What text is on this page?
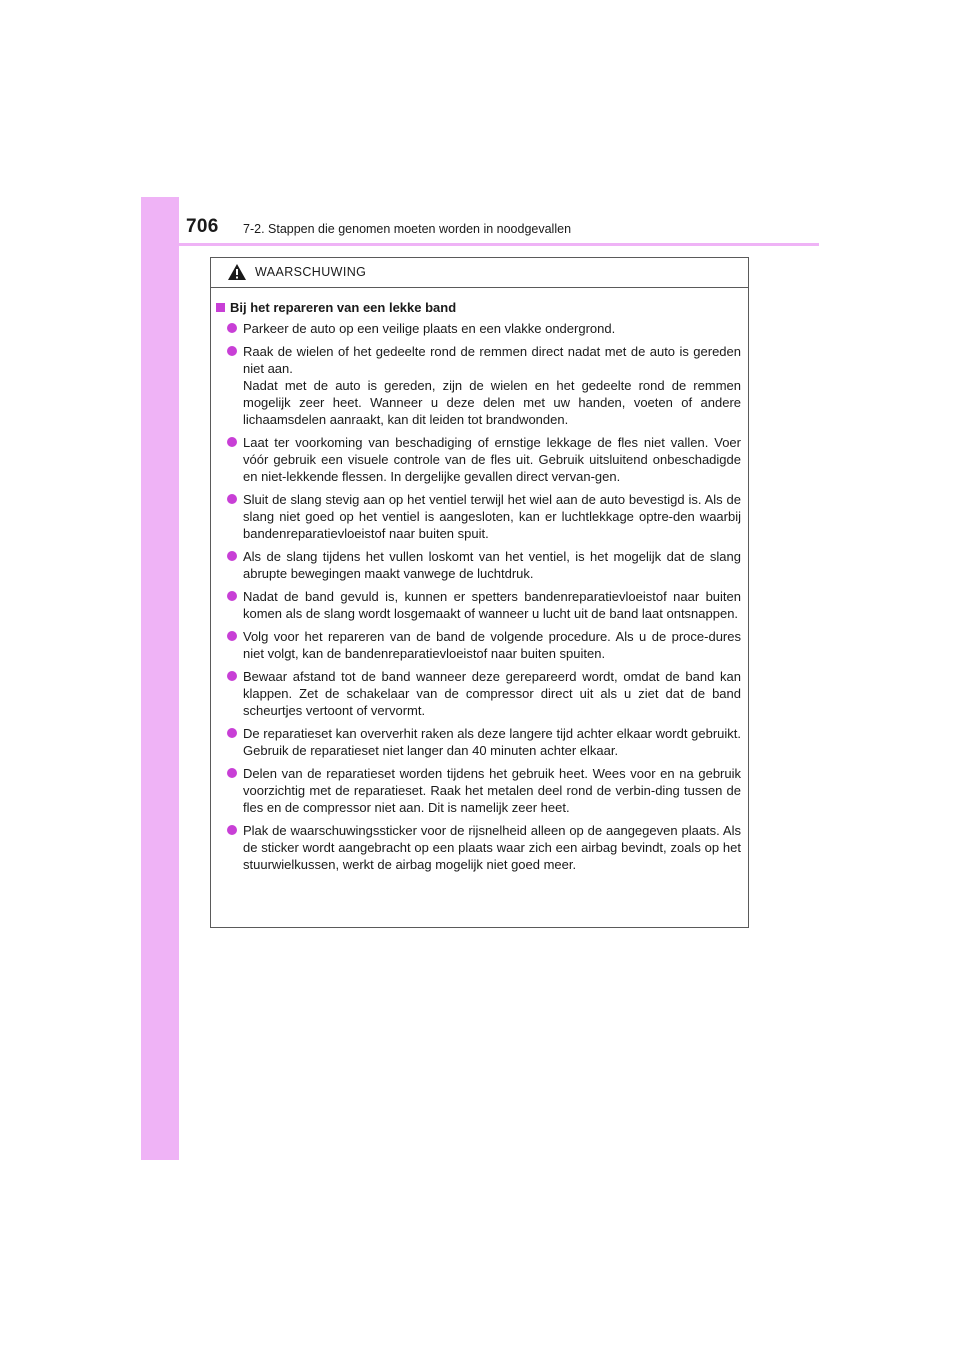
706 7-2. Stappen die genomen moeten worden in noodgevallen
WAARSCHUWING
Bij het repareren van een lekke band
Parkeer de auto op een veilige plaats en een vlakke ondergrond.
Raak de wielen of het gedeelte rond de remmen direct nadat met de auto is gereden niet aan.
Nadat met de auto is gereden, zijn de wielen en het gedeelte rond de remmen mogelijk zeer heet. Wanneer u deze delen met uw handen, voeten of andere lichaamsdelen aanraakt, kan dit leiden tot brandwonden.
Laat ter voorkoming van beschadiging of ernstige lekkage de fles niet vallen. Voer vóór gebruik een visuele controle van de fles uit. Gebruik uitsluitend onbeschadigde en niet-lekkende flessen. In dergelijke gevallen direct vervan-gen.
Sluit de slang stevig aan op het ventiel terwijl het wiel aan de auto bevestigd is. Als de slang niet goed op het ventiel is aangesloten, kan er luchtlekkage optre-den waarbij bandenreparatievloeistof naar buiten spuit.
Als de slang tijdens het vullen loskomt van het ventiel, is het mogelijk dat de slang abrupte bewegingen maakt vanwege de luchtdruk.
Nadat de band gevuld is, kunnen er spetters bandenreparatievloeistof naar buiten komen als de slang wordt losgemaakt of wanneer u lucht uit de band laat ontsnappen.
Volg voor het repareren van de band de volgende procedure. Als u de proce-dures niet volgt, kan de bandenreparatievloeistof naar buiten spuiten.
Bewaar afstand tot de band wanneer deze gerepareerd wordt, omdat de band kan klappen. Zet de schakelaar van de compressor direct uit als u ziet dat de band scheurtjes vertoont of vervormt.
De reparatieset kan oververhit raken als deze langere tijd achter elkaar wordt gebruikt. Gebruik de reparatieset niet langer dan 40 minuten achter elkaar.
Delen van de reparatieset worden tijdens het gebruik heet. Wees voor en na gebruik voorzichtig met de reparatieset. Raak het metalen deel rond de verbin-ding tussen de fles en de compressor niet aan. Dit is namelijk zeer heet.
Plak de waarschuwingssticker voor de rijsnelheid alleen op de aangegeven plaats. Als de sticker wordt aangebracht op een plaats waar zich een airbag bevindt, zoals op het stuurwielkussen, werkt de airbag mogelijk niet goed meer.
